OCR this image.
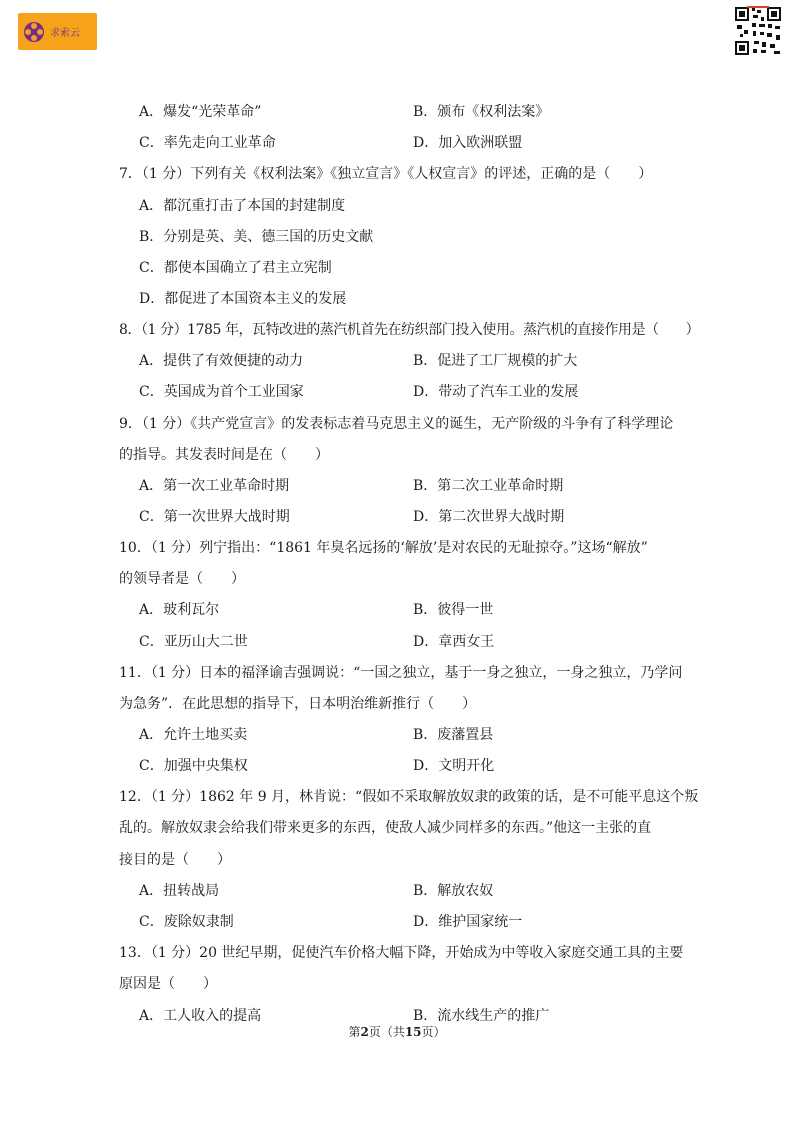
求索云
A．爆发“光荣革命”	B．颁布《权利法案》
C．率先走向工业革命	D．加入欧洲联盟
7．（1 分）下列有关《权利法案》《独立宣言》《人权宣言》的评述，正确的是（　　）
A．都沉重打击了本国的封建制度
B．分别是英、美、德三国的历史文献
C．都使本国确立了君主立宪制
D．都促进了本国资本主义的发展
8．（1 分）1785 年，瓦特改进的蒸汽机首先在纺织部门投入使用。蒸汽机的直接作用是（　　）
A．提供了有效便捷的动力	B．促进了工厂规模的扩大
C．英国成为首个工业国家	D．带动了汽车工业的发展
9．（1 分）《共产党宣言》的发表标志着马克思主义的诞生，无产阶级的斗争有了科学理论
的指导。其发表时间是在（　　）
A．第一次工业革命时期	B．第二次工业革命时期
C．第一次世界大战时期	D．第二次世界大战时期
10．（1 分）列宁指出：“1861 年臭名远扬的‘解放’是对农民的无耻掠夺。”这场“解放”
的领导者是（　　）
A．玻利瓦尔	B．彼得一世
C．亚历山大二世	D．章西女王
11．（1 分）日本的福泽谕吉强调说：“一国之独立，基于一身之独立，一身之独立，乃学问
为急务”．在此思想的指导下，日本明治维新推行（　　）
A．允许土地买卖	B．废藩置县
C．加强中央集权	D．文明开化
12．（1 分）1862 年 9 月，林肯说：“假如不采取解放奴隶的政策的话，是不可能平息这个叛
乱的。解放奴隶会给我们带来更多的东西，使敌人减少同样多的东西。”他这一主张的直
接目的是（　　）
A．扭转战局	B．解放农奴
C．废除奴隶制	D．维护国家统一
13．（1 分）20 世纪早期，促使汽车价格大幅下降，开始成为中等收入家庭交通工具的主要
原因是（　　）
A．工人收入的提高	B．流水线生产的推广
第2页（共15页）
